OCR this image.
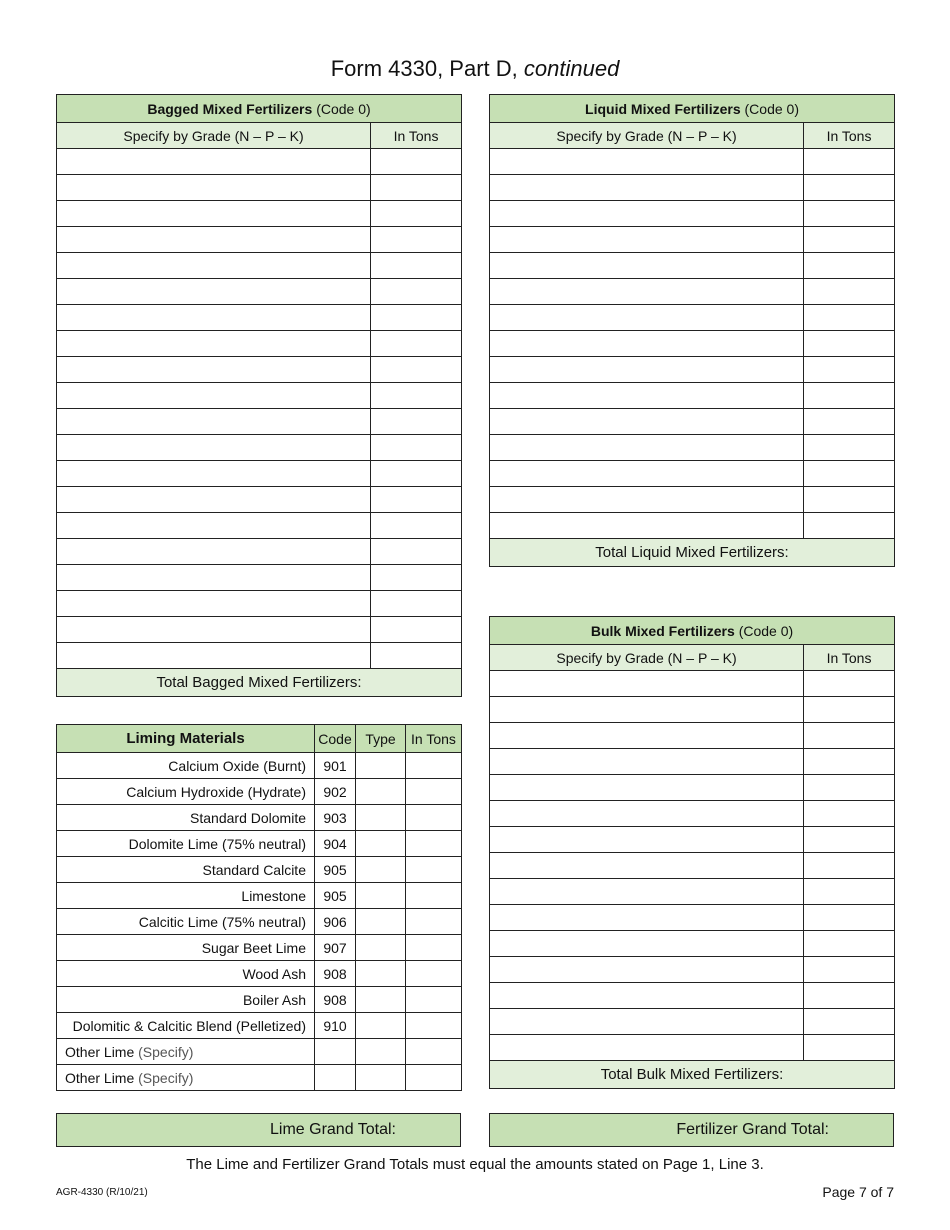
Form 4330, Part D, continued
Bagged Mixed Fertilizers (Code 0)	
Specify by Grade (N – P – K)	In Tons

Total Bagged Mixed Fertilizers:	
Liquid Mixed Fertilizers (Code 0)	
Specify by Grade (N – P – K)	In Tons

Total Liquid Mixed Fertilizers:	
Bulk Mixed Fertilizers (Code 0)	
Specify by Grade (N – P – K)	In Tons

Total Bulk Mixed Fertilizers:	
Liming Materials	Code	Type	In Tons
Calcium Oxide (Burnt)	901		
Calcium Hydroxide (Hydrate)	902		
Standard Dolomite	903		
Dolomite Lime (75% neutral)	904		
Standard Calcite	905		
Limestone	905		
Calcitic Lime (75% neutral)	906		
Sugar Beet Lime	907		
Wood Ash	908		
Boiler Ash	908		
Dolomitic & Calcitic Blend (Pelletized)	910		
Other Lime (Specify)			
Other Lime (Specify)			
Lime Grand Total:	Fertilizer Grand Total:
The Lime and Fertilizer Grand Totals must equal the amounts stated on Page 1, Line 3.
AGR-4330 (R/10/21)	Page 7 of 7
